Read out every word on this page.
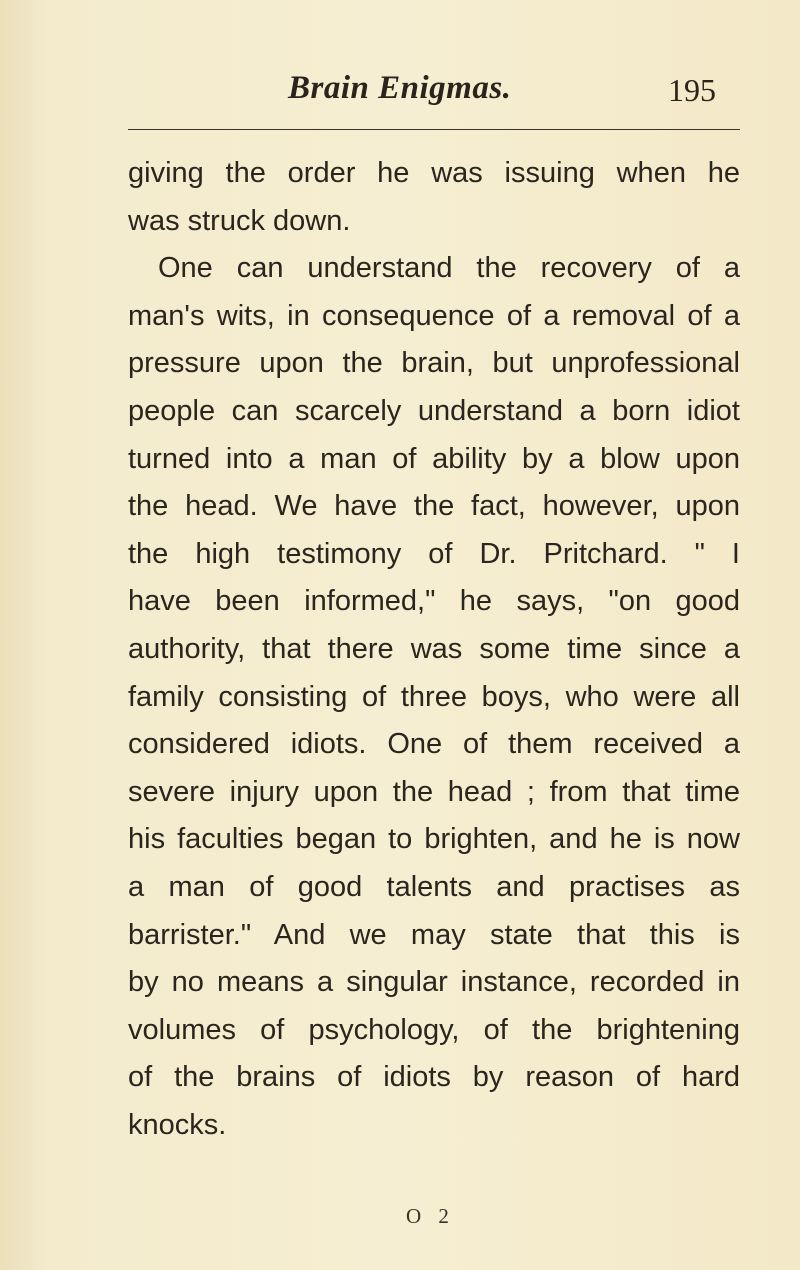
Brain Enigmas.	195
giving the order he was issuing when he
was struck down.
One can understand the recovery of a
man's wits, in consequence of a removal of a
pressure upon the brain, but unprofessional
people can scarcely understand a born idiot
turned into a man of ability by a blow upon
the head. We have the fact, however, upon
the high testimony of Dr. Pritchard. " I
have been informed," he says, "on good
authority, that there was some time since a
family consisting of three boys, who were all
considered idiots. One of them received a
severe injury upon the head ; from that time
his faculties began to brighten, and he is now
a man of good talents and practises as
barrister." And we may state that this is
by no means a singular instance, recorded in
volumes of psychology, of the brightening
of the brains of idiots by reason of hard
knocks.
O 2
